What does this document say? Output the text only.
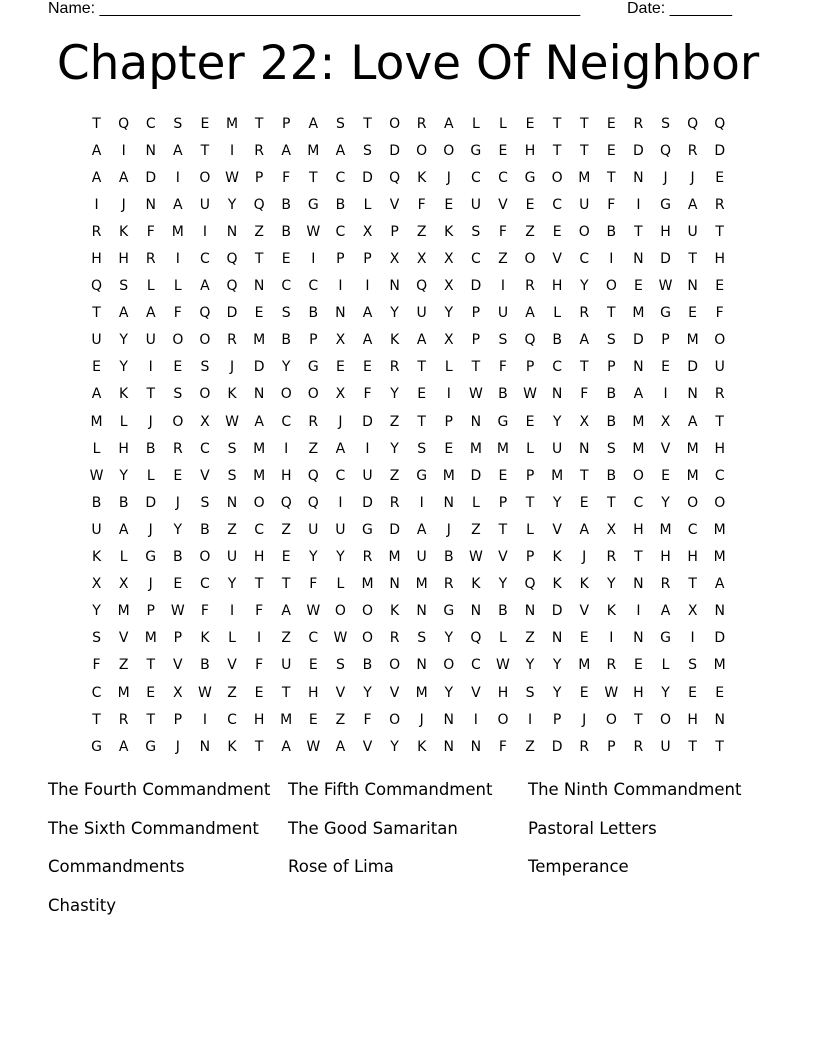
Name: ______________________________________________________	Date: _______
Chapter 22: Love Of Neighbor
T	Q	C	S	E	M	T	P	A	S	T	O	R	A	L	L	E	T	T	E	R	S	Q	Q
A	I	N	A	T	I	R	A	M	A	S	D	O	O	G	E	H	T	T	E	D	Q	R	D
A	A	D	I	O	W	P	F	T	C	D	Q	K	J	C	C	G	O	M	T	N	J	J	E
I	J	N	A	U	Y	Q	B	G	B	L	V	F	E	U	V	E	C	U	F	I	G	A	R
R	K	F	M	I	N	Z	B	W	C	X	P	Z	K	S	F	Z	E	O	B	T	H	U	T
H	H	R	I	C	Q	T	E	I	P	P	X	X	X	C	Z	O	V	C	I	N	D	T	H
Q	S	L	L	A	Q	N	C	C	I	I	N	Q	X	D	I	R	H	Y	O	E	W	N	E
T	A	A	F	Q	D	E	S	B	N	A	Y	U	Y	P	U	A	L	R	T	M	G	E	F
U	Y	U	O	O	R	M	B	P	X	A	K	A	X	P	S	Q	B	A	S	D	P	M	O
E	Y	I	E	S	J	D	Y	G	E	E	R	T	L	T	F	P	C	T	P	N	E	D	U
A	K	T	S	O	K	N	O	O	X	F	Y	E	I	W	B	W	N	F	B	A	I	N	R
M	L	J	O	X	W	A	C	R	J	D	Z	T	P	N	G	E	Y	X	B	M	X	A	T
L	H	B	R	C	S	M	I	Z	A	I	Y	S	E	M	M	L	U	N	S	M	V	M	H
W	Y	L	E	V	S	M	H	Q	C	U	Z	G	M	D	E	P	M	T	B	O	E	M	C
B	B	D	J	S	N	O	Q	Q	I	D	R	I	N	L	P	T	Y	E	T	C	Y	O	O
U	A	J	Y	B	Z	C	Z	U	U	G	D	A	J	Z	T	L	V	A	X	H	M	C	M
K	L	G	B	O	U	H	E	Y	Y	R	M	U	B	W	V	P	K	J	R	T	H	H	M
X	X	J	E	C	Y	T	T	F	L	M	N	M	R	K	Y	Q	K	K	Y	N	R	T	A
Y	M	P	W	F	I	F	A	W	O	O	K	N	G	N	B	N	D	V	K	I	A	X	N
S	V	M	P	K	L	I	Z	C	W	O	R	S	Y	Q	L	Z	N	E	I	N	G	I	D
F	Z	T	V	B	V	F	U	E	S	B	O	N	O	C	W	Y	Y	M	R	E	L	S	M
C	M	E	X	W	Z	E	T	H	V	Y	V	M	Y	V	H	S	Y	E	W	H	Y	E	E
T	R	T	P	I	C	H	M	E	Z	F	O	J	N	I	O	I	P	J	O	T	O	H	N
G	A	G	J	N	K	T	A	W	A	V	Y	K	N	N	F	Z	D	R	P	R	U	T	T
The Fourth Commandment	The Fifth Commandment	The Ninth Commandment
The Sixth Commandment	The Good Samaritan	Pastoral Letters
Commandments	Rose of Lima	Temperance
Chastity
